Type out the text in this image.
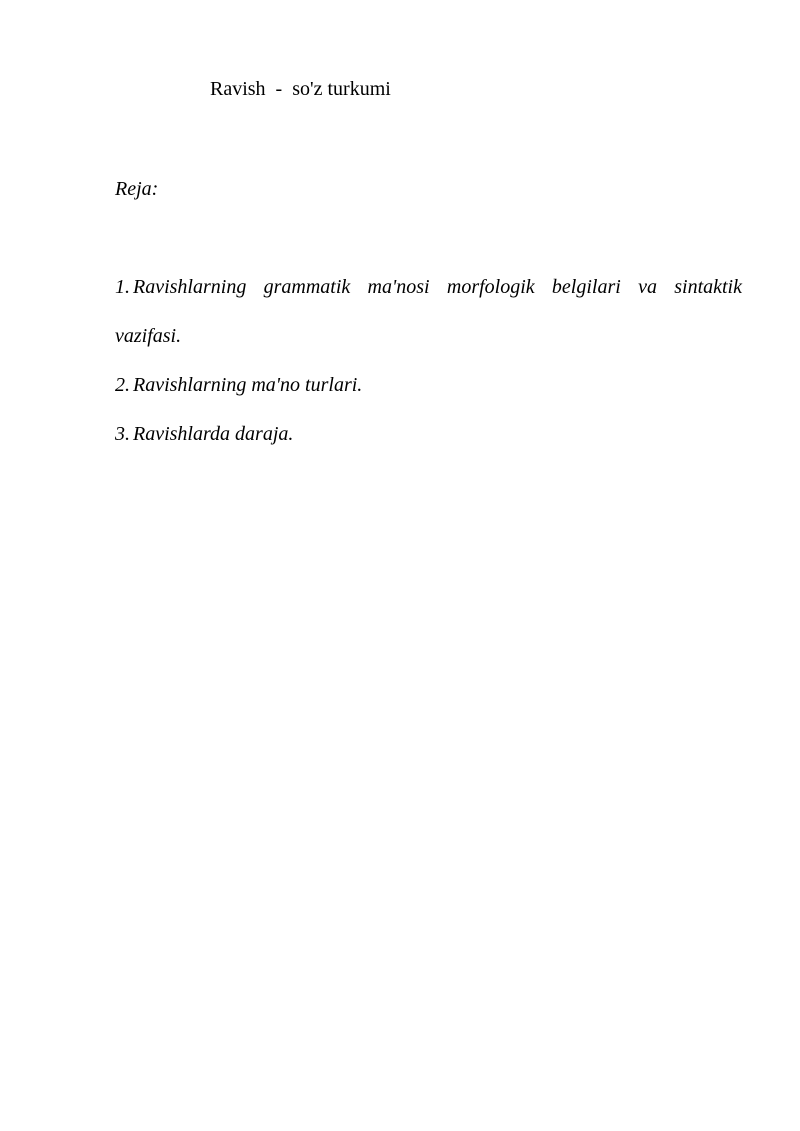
Ravish  -  so'z turkumi
Reja:
1. Ravishlarning grammatik ma'nosi morfologik belgilari va sintaktik
vazifasi.
2. Ravishlarning ma'no turlari.
3. Ravishlarda daraja.
